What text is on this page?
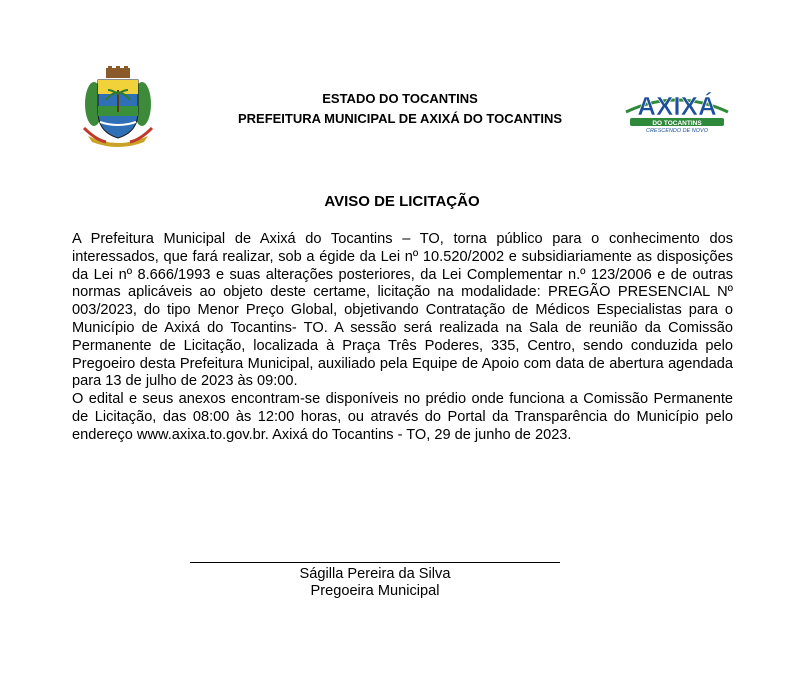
ESTADO DO TOCANTINS
PREFEITURA MUNICIPAL DE AXIXÁ DO TOCANTINS	AXIXÁ
DO TOCANTINS
CRESCENDO DE NOVO
AVISO DE LICITAÇÃO

A Prefeitura Municipal de Axixá do Tocantins – TO, torna público para o conhecimento dos interessados, que fará realizar, sob a égide da Lei nº 10.520/2002 e subsidiariamente as disposições da Lei nº 8.666/1993 e suas alterações posteriores, da Lei Complementar n.º 123/2006 e de outras normas aplicáveis ao objeto deste certame, licitação na modalidade: PREGÃO PRESENCIAL Nº 003/2023, do tipo Menor Preço Global, objetivando Contratação de Médicos Especialistas para o Município de Axixá do Tocantins- TO. A sessão será realizada na Sala de reunião da Comissão Permanente de Licitação, localizada à Praça Três Poderes, 335, Centro, sendo conduzida pelo Pregoeiro desta Prefeitura Municipal, auxiliado pela Equipe de Apoio com data de abertura agendada para 13 de julho de 2023 às 09:00.

O edital e seus anexos encontram-se disponíveis no prédio onde funciona a Comissão Permanente de Licitação, das 08:00 às 12:00 horas, ou através do Portal da Transparência do Município pelo endereço www.axixa.to.gov.br. Axixá do Tocantins - TO, 29 de junho de 2023.

Ságilla Pereira da Silva
Pregoeira Municipal
